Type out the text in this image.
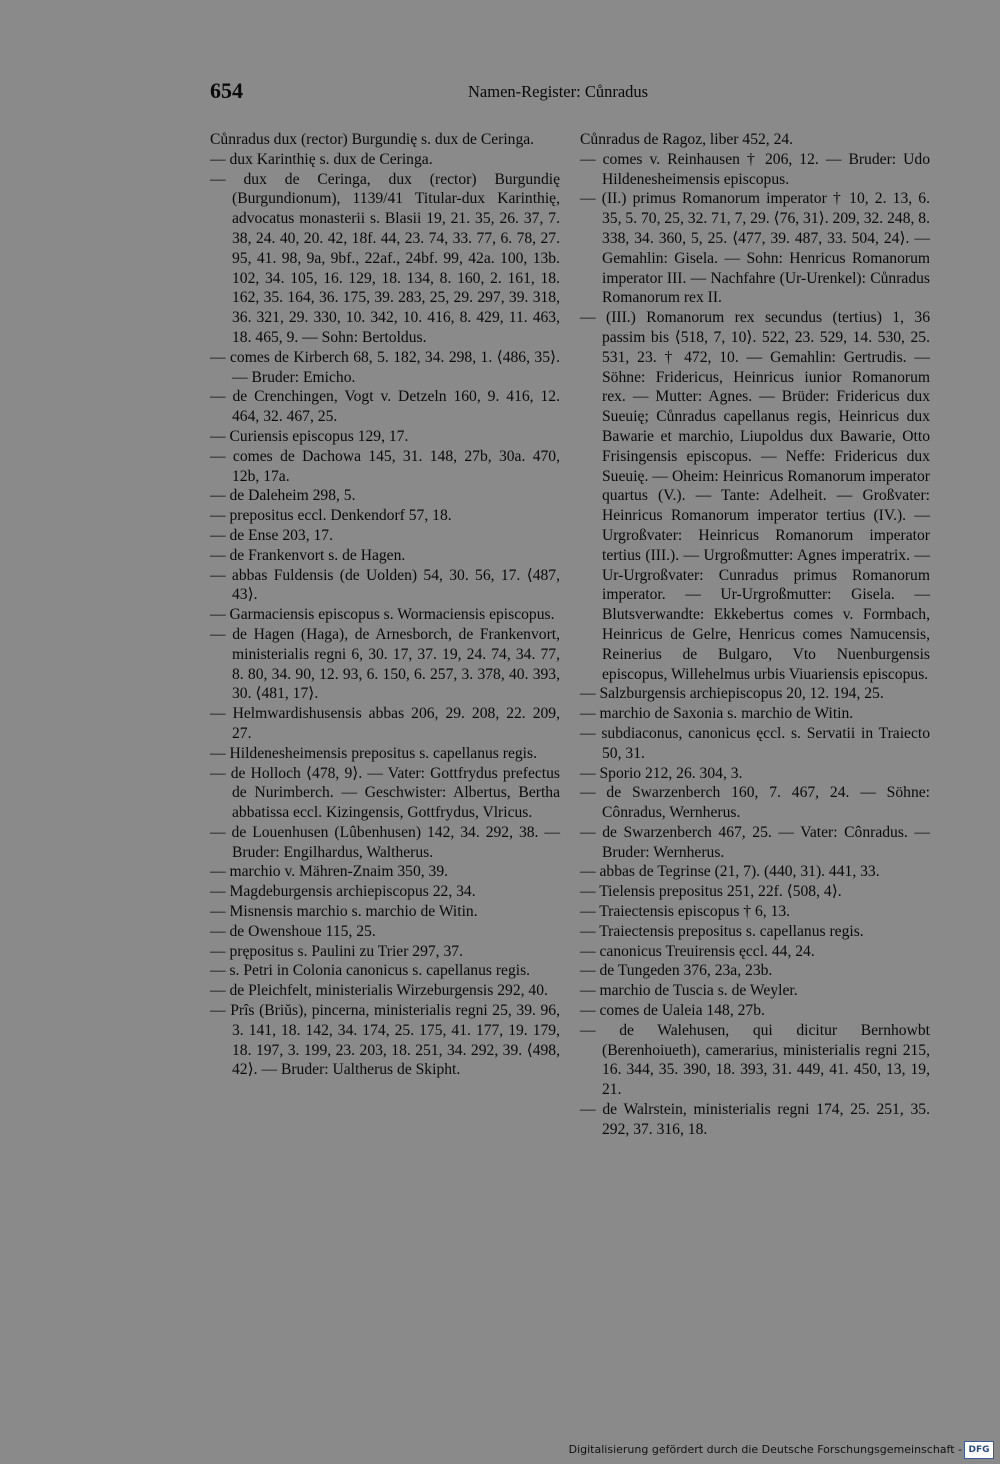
654	Namen-Register: Cůnradus

Cůnradus dux (rector) Burgundię s. dux de Ceringa.

— dux Karinthię s. dux de Ceringa.

— dux de Ceringa, dux (rector) Burgundię (Burgundionum), 1139/41 Titular-dux Karinthię, advocatus monasterii s. Blasii 19, 21. 35, 26. 37, 7. 38, 24. 40, 20. 42, 18f. 44, 23. 74, 33. 77, 6. 78, 27. 95, 41. 98, 9a, 9bf., 22af., 24bf. 99, 42a. 100, 13b. 102, 34. 105, 16. 129, 18. 134, 8. 160, 2. 161, 18. 162, 35. 164, 36. 175, 39. 283, 25, 29. 297, 39. 318, 36. 321, 29. 330, 10. 342, 10. 416, 8. 429, 11. 463, 18. 465, 9. — Sohn: Bertoldus.

— comes de Kirberch 68, 5. 182, 34. 298, 1. ⟨486, 35⟩. — Bruder: Emicho.

— de Crenchingen, Vogt v. Detzeln 160, 9. 416, 12. 464, 32. 467, 25.

— Curiensis episcopus 129, 17.

— comes de Dachowa 145, 31. 148, 27b, 30a. 470, 12b, 17a.

— de Daleheim 298, 5.

— prepositus eccl. Denkendorf 57, 18.

— de Ense 203, 17.

— de Frankenvort s. de Hagen.

— abbas Fuldensis (de Uolden) 54, 30. 56, 17. ⟨487, 43⟩.

— Garmaciensis episcopus s. Wormaciensis episcopus.

— de Hagen (Haga), de Arnesborch, de Frankenvort, ministerialis regni 6, 30. 17, 37. 19, 24. 74, 34. 77, 8. 80, 34. 90, 12. 93, 6. 150, 6. 257, 3. 378, 40. 393, 30. ⟨481, 17⟩.

— Helmwardishusensis abbas 206, 29. 208, 22. 209, 27.

— Hildenesheimensis prepositus s. capellanus regis.

— de Holloch ⟨478, 9⟩. — Vater: Gottfrydus prefectus de Nurimberch. — Geschwister: Albertus, Bertha abbatissa eccl. Kizingensis, Gottfrydus, Vlricus.

— de Louenhusen (Lûbenhusen) 142, 34. 292, 38. — Bruder: Engilhardus, Waltherus.

— marchio v. Mähren-Znaim 350, 39.

— Magdeburgensis archiepiscopus 22, 34.

— Misnensis marchio s. marchio de Witin.

— de Owenshoue 115, 25.

— prępositus s. Paulini zu Trier 297, 37.

— s. Petri in Colonia canonicus s. capellanus regis.

— de Pleichfelt, ministerialis Wirzeburgensis 292, 40.

— Prîs (Briŭs), pincerna, ministerialis regni 25, 39. 96, 3. 141, 18. 142, 34. 174, 25. 175, 41. 177, 19. 179, 18. 197, 3. 199, 23. 203, 18. 251, 34. 292, 39. ⟨498, 42⟩. — Bruder: Ualtherus de Skipht.

Cůnradus de Ragoz, liber 452, 24.

— comes v. Reinhausen † 206, 12. — Bruder: Udo Hildenesheimensis episcopus.

— (II.) primus Romanorum imperator † 10, 2. 13, 6. 35, 5. 70, 25, 32. 71, 7, 29. ⟨76, 31⟩. 209, 32. 248, 8. 338, 34. 360, 5, 25. ⟨477, 39. 487, 33. 504, 24⟩. — Gemahlin: Gisela. — Sohn: Henricus Romanorum imperator III. — Nachfahre (Ur-Urenkel): Cůnradus Romanorum rex II.

— (III.) Romanorum rex secundus (tertius) 1, 36 passim bis ⟨518, 7, 10⟩. 522, 23. 529, 14. 530, 25. 531, 23. † 472, 10. — Gemahlin: Gertrudis. — Söhne: Fridericus, Heinricus iunior Romanorum rex. — Mutter: Agnes. — Brüder: Fridericus dux Sueuię; Cůnradus capellanus regis, Heinricus dux Bawarie et marchio, Liupoldus dux Bawarie, Otto Frisingensis episcopus. — Neffe: Fridericus dux Sueuię. — Oheim: Heinricus Romanorum imperator quartus (V.). — Tante: Adelheit. — Großvater: Heinricus Romanorum imperator tertius (IV.). — Urgroßvater: Heinricus Romanorum imperator tertius (III.). — Urgroßmutter: Agnes imperatrix. — Ur-Urgroßvater: Cunradus primus Romanorum imperator. — Ur-Urgroßmutter: Gisela. — Blutsverwandte: Ekkebertus comes v. Formbach, Heinricus de Gelre, Henricus comes Namucensis, Reinerius de Bulgaro, Vto Nuenburgensis episcopus, Willehelmus urbis Viuariensis episcopus.

— Salzburgensis archiepiscopus 20, 12. 194, 25.

— marchio de Saxonia s. marchio de Witin.

— subdiaconus, canonicus ęccl. s. Servatii in Traiecto 50, 31.

— Sporio 212, 26. 304, 3.

— de Swarzenberch 160, 7. 467, 24. — Söhne: Cônradus, Wernherus.

— de Swarzenberch 467, 25. — Vater: Cônradus. — Bruder: Wernherus.

— abbas de Tegrinse (21, 7). (440, 31). 441, 33.

— Tielensis prepositus 251, 22f. ⟨508, 4⟩.

— Traiectensis episcopus † 6, 13.

— Traiectensis prepositus s. capellanus regis.

— canonicus Treuirensis ęccl. 44, 24.

— de Tungeden 376, 23a, 23b.

— marchio de Tuscia s. de Weyler.

— comes de Ualeia 148, 27b.

— de Walehusen, qui dicitur Bernhowbt (Berenhoiueth), camerarius, ministerialis regni 215, 16. 344, 35. 390, 18. 393, 31. 449, 41. 450, 13, 19, 21.

— de Walrstein, ministerialis regni 174, 25. 251, 35. 292, 37. 316, 18.

Digitalisierung gefördert durch die Deutsche Forschungsgemeinschaft - DFG
